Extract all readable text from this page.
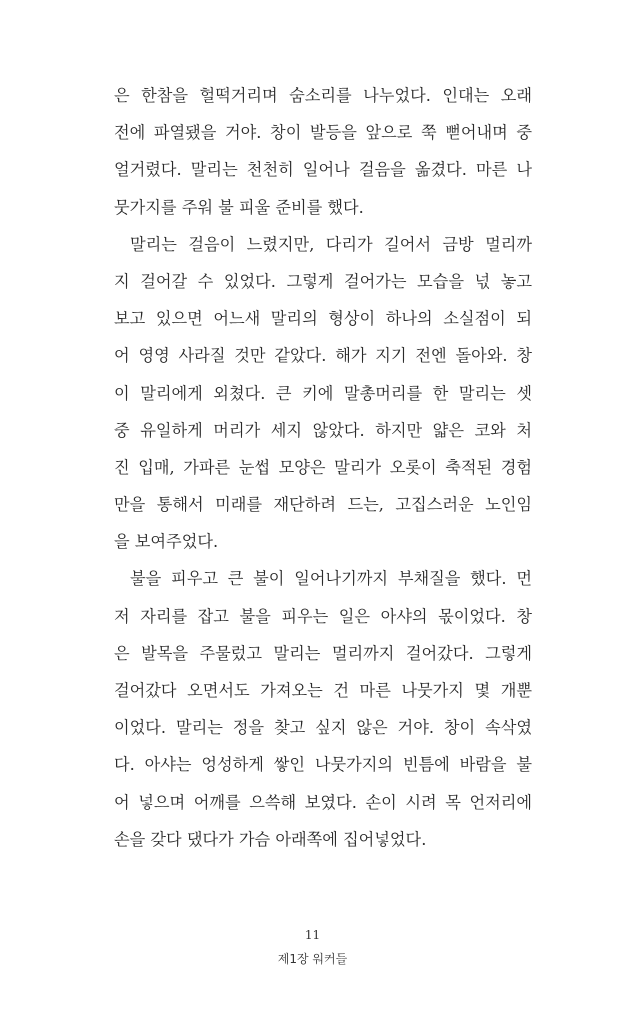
은 한참을 헐떡거리며 숨소리를 나누었다. 인대는 오래
전에 파열됐을 거야. 창이 발등을 앞으로 쭉 뻗어내며 중
얼거렸다. 말리는 천천히 일어나 걸음을 옮겼다. 마른 나
뭇가지를 주워 불 피울 준비를 했다.
말리는 걸음이 느렸지만, 다리가 길어서 금방 멀리까
지 걸어갈 수 있었다. 그렇게 걸어가는 모습을 넋 놓고
보고 있으면 어느새 말리의 형상이 하나의 소실점이 되
어 영영 사라질 것만 같았다. 해가 지기 전엔 돌아와. 창
이 말리에게 외쳤다. 큰 키에 말총머리를 한 말리는 셋
중 유일하게 머리가 세지 않았다. 하지만 얇은 코와 처
진 입매, 가파른 눈썹 모양은 말리가 오롯이 축적된 경험
만을 통해서 미래를 재단하려 드는, 고집스러운 노인임
을 보여주었다.
불을 피우고 큰 불이 일어나기까지 부채질을 했다. 먼
저 자리를 잡고 불을 피우는 일은 아샤의 몫이었다. 창
은 발목을 주물렀고 말리는 멀리까지 걸어갔다. 그렇게
걸어갔다 오면서도 가져오는 건 마른 나뭇가지 몇 개뿐
이었다. 말리는 정을 찾고 싶지 않은 거야. 창이 속삭였
다. 아샤는 엉성하게 쌓인 나뭇가지의 빈틈에 바람을 불
어 넣으며 어깨를 으쓱해 보였다. 손이 시려 목 언저리에
손을 갖다 댔다가 가슴 아래쪽에 집어넣었다.
11
제1장 워커들
